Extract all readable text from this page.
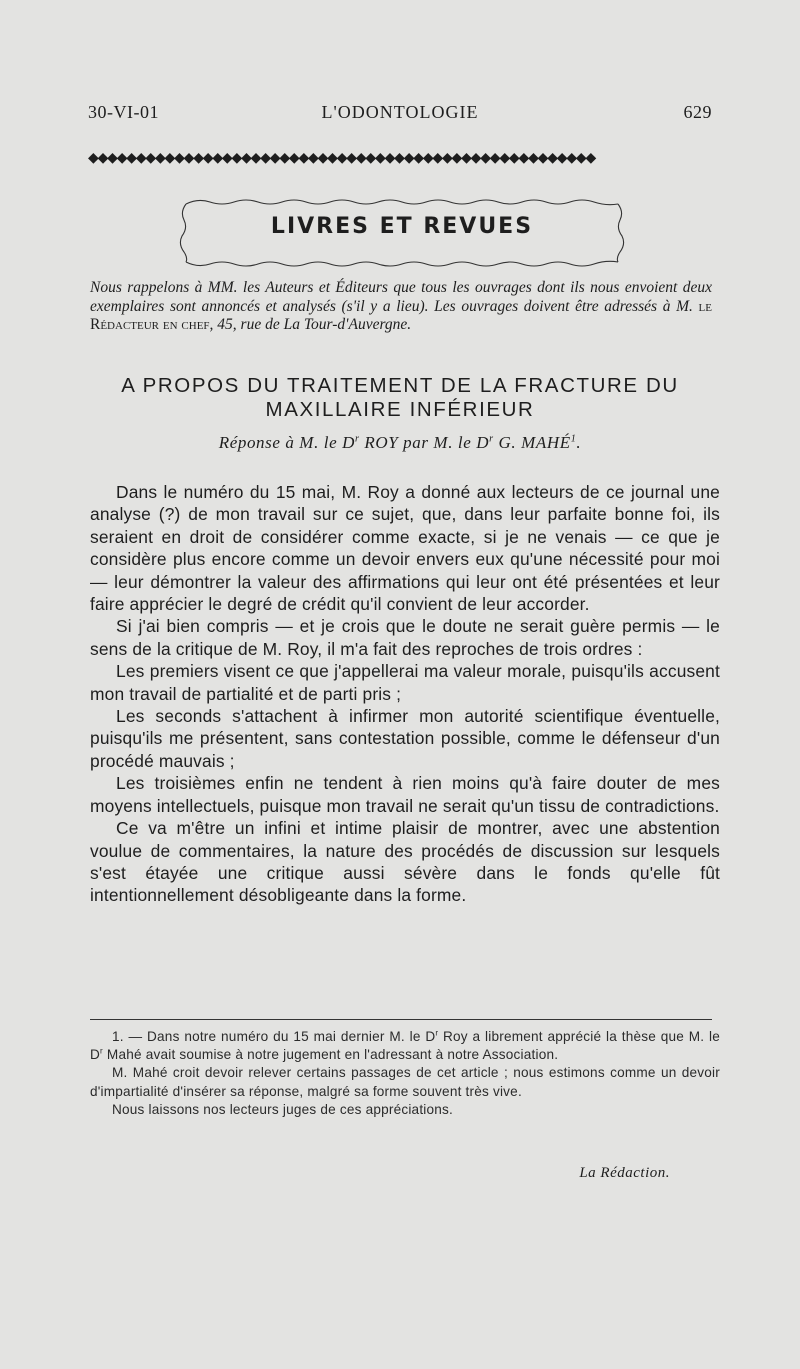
30-VI-01	L'ODONTOLOGIE	629
◆◆◆◆◆◆◆◆◆◆◆◆◆◆◆◆◆◆◆◆◆◆◆◆◆◆◆◆◆◆◆◆◆◆◆◆◆◆◆◆◆◆◆◆◆◆◆◆◆◆◆◆◆
LIVRES ET REVUES
Nous rappelons à MM. les Auteurs et Éditeurs que tous les ouvrages dont ils nous envoient deux exemplaires sont annoncés et analysés (s'il y a lieu). Les ouvrages doivent être adressés à M. le Rédacteur en chef, 45, rue de La Tour-d'Auvergne.
A PROPOS DU TRAITEMENT DE LA FRACTURE DU
MAXILLAIRE INFÉRIEUR
Réponse à M. le $D^r$ ROY par M. le $D^r$ G. MAHÉ$^1$.

Dans le numéro du 15 mai, M. Roy a donné aux lecteurs de ce journal une analyse (?) de mon travail sur ce sujet, que, dans leur parfaite bonne foi, ils seraient en droit de considérer comme exacte, si je ne venais — ce que je considère plus encore comme un devoir envers eux qu'une nécessité pour moi — leur démontrer la valeur des affirmations qui leur ont été présentées et leur faire apprécier le degré de crédit qu'il convient de leur accorder.

Si j'ai bien compris — et je crois que le doute ne serait guère permis — le sens de la critique de M. Roy, il m'a fait des reproches de trois ordres :

Les premiers visent ce que j'appellerai ma valeur morale, puisqu'ils accusent mon travail de partialité et de parti pris ;

Les seconds s'attachent à infirmer mon autorité scientifique éventuelle, puisqu'ils me présentent, sans contestation possible, comme le défenseur d'un procédé mauvais ;

Les troisièmes enfin ne tendent à rien moins qu'à faire douter de mes moyens intellectuels, puisque mon travail ne serait qu'un tissu de contradictions.

Ce va m'être un infini et intime plaisir de montrer, avec une abstention voulue de commentaires, la nature des procédés de discussion sur lesquels s'est étayée une critique aussi sévère dans le fonds qu'elle fût intentionnellement désobligeante dans la forme.

1. — Dans notre numéro du 15 mai dernier M. le $D^r$ Roy a librement apprécié la thèse que M. le $D^r$ Mahé avait soumise à notre jugement en l'adressant à notre Association.

M. Mahé croit devoir relever certains passages de cet article ; nous estimons comme un devoir d'impartialité d'insérer sa réponse, malgré sa forme souvent très vive.

Nous laissons nos lecteurs juges de ces appréciations.

La Rédaction.
